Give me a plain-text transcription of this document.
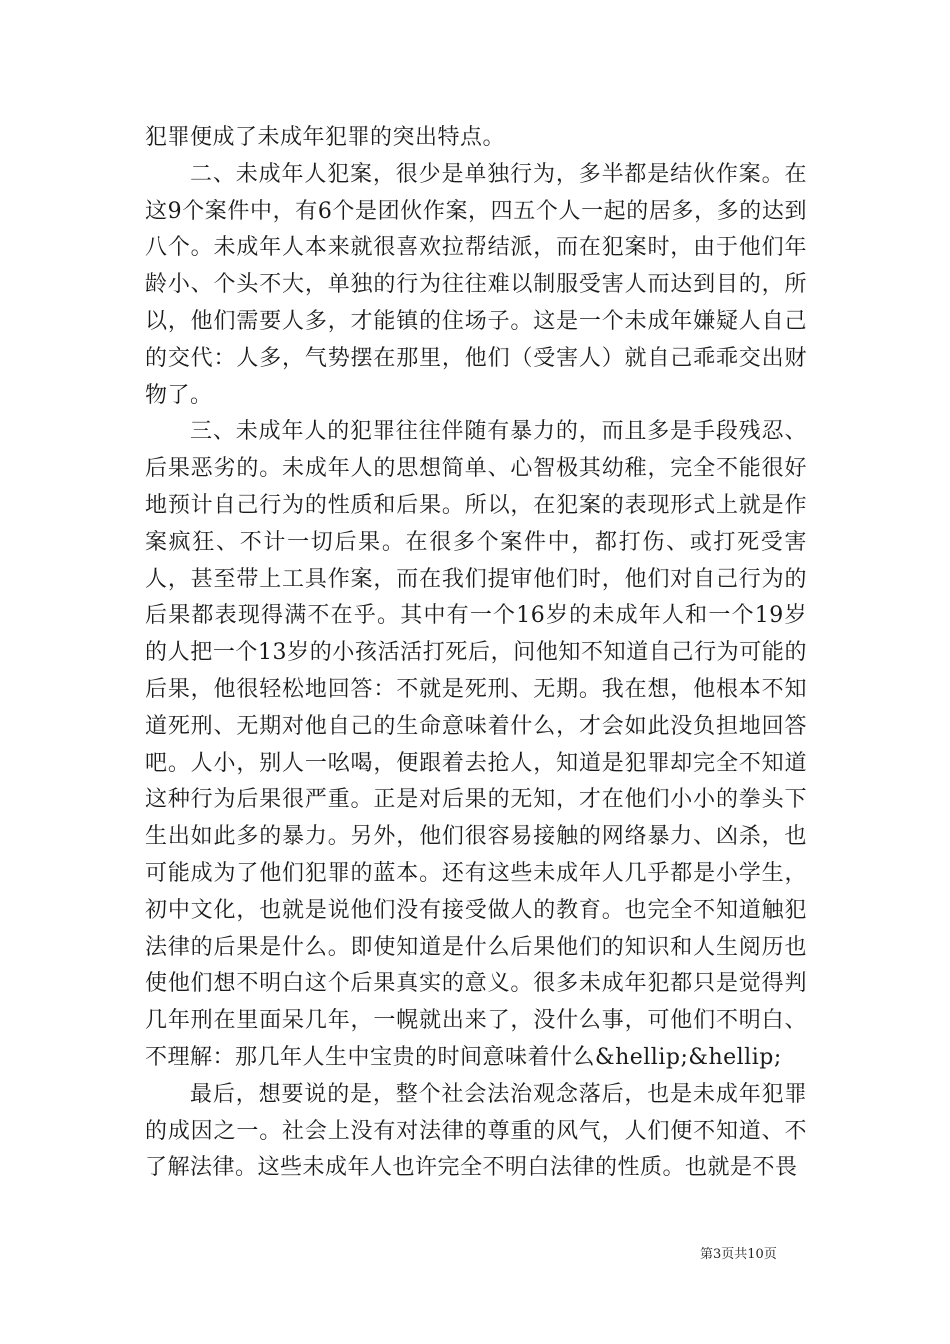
犯罪便成了未成年犯罪的突出特点。

二、未成年人犯案，很少是单独行为，多半都是结伙作案。在这9个案件中，有6个是团伙作案，四五个人一起的居多，多的达到八个。未成年人本来就很喜欢拉帮结派，而在犯案时，由于他们年龄小、个头不大，单独的行为往往难以制服受害人而达到目的，所以，他们需要人多，才能镇的住场子。这是一个未成年嫌疑人自己的交代：人多，气势摆在那里，他们（受害人）就自己乖乖交出财物了。

三、未成年人的犯罪往往伴随有暴力的，而且多是手段残忍、后果恶劣的。未成年人的思想简单、心智极其幼稚，完全不能很好地预计自己行为的性质和后果。所以，在犯案的表现形式上就是作案疯狂、不计一切后果。在很多个案件中，都打伤、或打死受害人，甚至带上工具作案，而在我们提审他们时，他们对自己行为的后果都表现得满不在乎。其中有一个16岁的未成年人和一个19岁的人把一个13岁的小孩活活打死后，问他知不知道自己行为可能的后果，他很轻松地回答：不就是死刑、无期。我在想，他根本不知道死刑、无期对他自己的生命意味着什么，才会如此没负担地回答吧。人小，别人一吆喝，便跟着去抢人，知道是犯罪却完全不知道这种行为后果很严重。正是对后果的无知，才在他们小小的拳头下生出如此多的暴力。另外，他们很容易接触的网络暴力、凶杀，也可能成为了他们犯罪的蓝本。还有这些未成年人几乎都是小学生，初中文化，也就是说他们没有接受做人的教育。也完全不知道触犯法律的后果是什么。即使知道是什么后果他们的知识和人生阅历也使他们想不明白这个后果真实的意义。很多未成年犯都只是觉得判几年刑在里面呆几年，一幌就出来了，没什么事，可他们不明白、不理解：那几年人生中宝贵的时间意味着什么&hellip;&hellip;

最后，想要说的是，整个社会法治观念落后，也是未成年犯罪的成因之一。社会上没有对法律的尊重的风气，人们便不知道、不了解法律。这些未成年人也许完全不明白法律的性质。也就是不畏

第3页共10页
